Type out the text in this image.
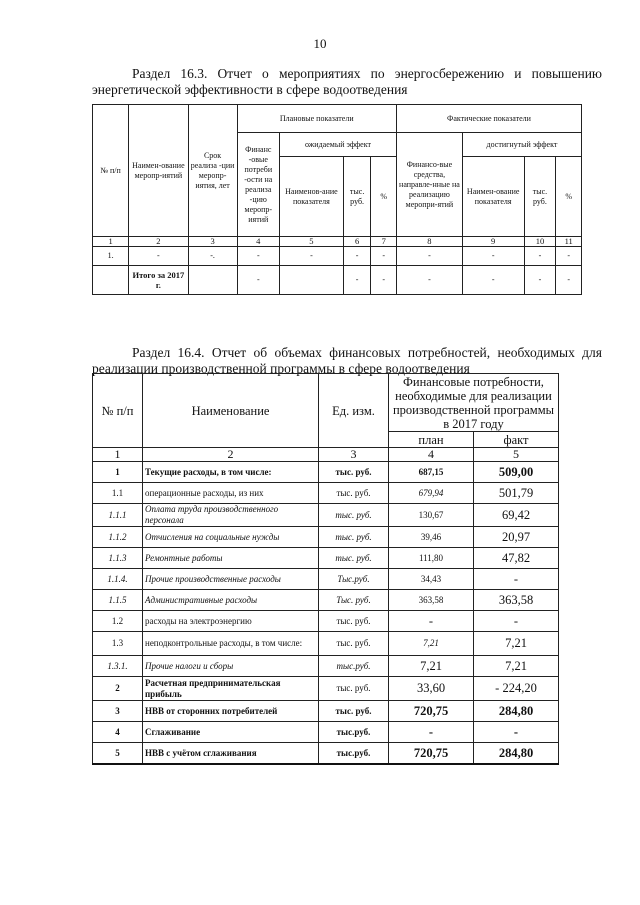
10
Раздел 16.3. Отчет о мероприятиях по энергосбережению и повышению
энергетической эффективности в сфере водоотведения
№ п/п	Наимен-ование меропр-иятий	Срок реализа -ции меропр-иятия, лет	Плановые показатели				Фактические показатели			
			Финанс -овые потреби -ости на реализа -цию меропр-иятий	ожидаемый эффект			Финансо-вые средства, направле-нные на реализацию меропри-ятий	достигнутый эффект		
				Наименов-ание показателя	тыс. руб.	%		Наимен-ование показателя	тыс. руб.	%
1	2	3	4	5	6	7	8	9	10	11
1.	-	-.	-	-	-	-	-	-	-	-
	Итого за 2017 г.		-		-	-	-	-	-	-
Раздел 16.4. Отчет об объемах финансовых потребностей, необходимых для
реализации производственной программы в сфере водоотведения
№ п/п	Наименование	Ед. изм.	Финансовые потребности, необходимые для реализации производственной программы в 2017 году	
			план	факт
1	2	3	4	5
1	Текущие расходы, в том числе:	тыс. руб.	687,15	509,00
1.1	операционные расходы, из них	тыс. руб.	679,94	501,79
1.1.1	Оплата труда производственного персонала	тыс. руб.	130,67	69,42
1.1.2	Отчисления на социальные нужды	тыс. руб.	39,46	20,97
1.1.3	Ремонтные работы	тыс. руб.	111,80	47,82
1.1.4.	Прочие производственные расходы	Тыс.руб.	34,43	-
1.1.5	Административные расходы	Тыс. руб.	363,58	363,58
1.2	расходы на электроэнергию	тыс. руб.	-	-
1.3	неподконтрольные расходы, в том числе:	тыс. руб.	7,21	7,21
1.3.1.	Прочие налоги и сборы	тыс.руб.	7,21	7,21
2	Расчетная предпринимательская прибыль	тыс. руб.	33,60	- 224,20
3	НВВ от сторонних потребителей	тыс. руб.	720,75	284,80
4	Сглаживание	тыс.руб.	-	-
5	НВВ с учётом сглаживания	тыс.руб.	720,75	284,80
